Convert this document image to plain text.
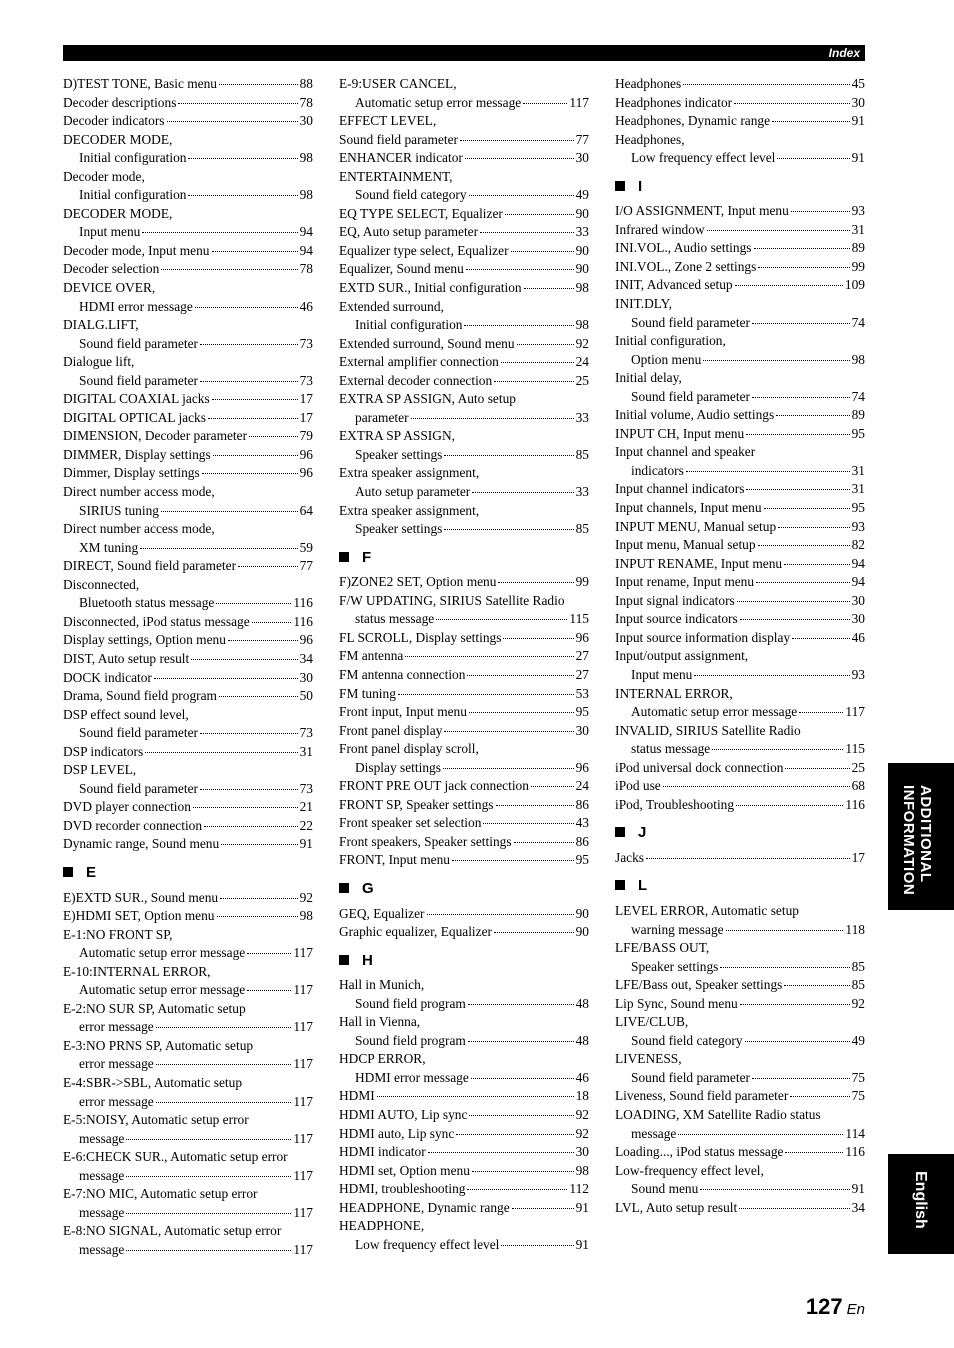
Index
D)TEST TONE, Basic menu	88
Decoder descriptions	78
Decoder indicators	30
DECODER MODE,
Initial configuration	98
Decoder mode,
Initial configuration	98
DECODER MODE,
Input menu	94
Decoder mode, Input menu	94
Decoder selection	78
DEVICE OVER,
HDMI error message	46
DIALG.LIFT,
Sound field parameter	73
Dialogue lift,
Sound field parameter	73
DIGITAL COAXIAL jacks	17
DIGITAL OPTICAL jacks	17
DIMENSION, Decoder parameter	79
DIMMER, Display settings	96
Dimmer, Display settings	96
Direct number access mode,
SIRIUS tuning	64
Direct number access mode,
XM tuning	59
DIRECT, Sound field parameter	77
Disconnected,
Bluetooth status message	116
Disconnected, iPod status message	116
Display settings, Option menu	96
DIST, Auto setup result	34
DOCK indicator	30
Drama, Sound field program	50
DSP effect sound level,
Sound field parameter	73
DSP indicators	31
DSP LEVEL,
Sound field parameter	73
DVD player connection	21
DVD recorder connection	22
Dynamic range, Sound menu	91
E
E)EXTD SUR., Sound menu	92
E)HDMI SET, Option menu	98
E-1:NO FRONT SP,
Automatic setup error message	117
E-10:INTERNAL ERROR,
Automatic setup error message	117
E-2:NO SUR SP, Automatic setup
error message	117
E-3:NO PRNS SP, Automatic setup
error message	117
E-4:SBR->SBL, Automatic setup
error message	117
E-5:NOISY, Automatic setup error
message	117
E-6:CHECK SUR., Automatic setup error
message	117
E-7:NO MIC, Automatic setup error
message	117
E-8:NO SIGNAL, Automatic setup error
message	117
E-9:USER CANCEL,
Automatic setup error message	117
EFFECT LEVEL,
Sound field parameter	77
ENHANCER indicator	30
ENTERTAINMENT,
Sound field category	49
EQ TYPE SELECT, Equalizer	90
EQ, Auto setup parameter	33
Equalizer type select, Equalizer	90
Equalizer, Sound menu	90
EXTD SUR., Initial configuration	98
Extended surround,
Initial configuration	98
Extended surround, Sound menu	92
External amplifier connection	24
External decoder connection	25
EXTRA SP ASSIGN, Auto setup
parameter	33
EXTRA SP ASSIGN,
Speaker settings	85
Extra speaker assignment,
Auto setup parameter	33
Extra speaker assignment,
Speaker settings	85
F
F)ZONE2 SET, Option menu	99
F/W UPDATING, SIRIUS Satellite Radio
status message	115
FL SCROLL, Display settings	96
FM antenna	27
FM antenna connection	27
FM tuning	53
Front input, Input menu	95
Front panel display	30
Front panel display scroll,
Display settings	96
FRONT PRE OUT jack connection	24
FRONT SP, Speaker settings	86
Front speaker set selection	43
Front speakers, Speaker settings	86
FRONT, Input menu	95
G
GEQ, Equalizer	90
Graphic equalizer, Equalizer	90
H
Hall in Munich,
Sound field program	48
Hall in Vienna,
Sound field program	48
HDCP ERROR,
HDMI error message	46
HDMI	18
HDMI AUTO, Lip sync	92
HDMI auto, Lip sync	92
HDMI indicator	30
HDMI set, Option menu	98
HDMI, troubleshooting	112
HEADPHONE, Dynamic range	91
HEADPHONE,
Low frequency effect level	91
Headphones	45
Headphones indicator	30
Headphones, Dynamic range	91
Headphones,
Low frequency effect level	91
I
I/O ASSIGNMENT, Input menu	93
Infrared window	31
INI.VOL., Audio settings	89
INI.VOL., Zone 2 settings	99
INIT, Advanced setup	109
INIT.DLY,
Sound field parameter	74
Initial configuration,
Option menu	98
Initial delay,
Sound field parameter	74
Initial volume, Audio settings	89
INPUT CH, Input menu	95
Input channel and speaker
indicators	31
Input channel indicators	31
Input channels, Input menu	95
INPUT MENU, Manual setup	93
Input menu, Manual setup	82
INPUT RENAME, Input menu	94
Input rename, Input menu	94
Input signal indicators	30
Input source indicators	30
Input source information display	46
Input/output assignment,
Input menu	93
INTERNAL ERROR,
Automatic setup error message	117
INVALID, SIRIUS Satellite Radio
status message	115
iPod universal dock connection	25
iPod use	68
iPod, Troubleshooting	116
J
Jacks	17
L
LEVEL ERROR, Automatic setup
warning message	118
LFE/BASS OUT,
Speaker settings	85
LFE/Bass out, Speaker settings	85
Lip Sync, Sound menu	92
LIVE/CLUB,
Sound field category	49
LIVENESS,
Sound field parameter	75
Liveness, Sound field parameter	75
LOADING, XM Satellite Radio status
message	114
Loading..., iPod status message	116
Low-frequency effect level,
Sound menu	91
LVL, Auto setup result	34
ADDITIONAL INFORMATION
English
127 En
